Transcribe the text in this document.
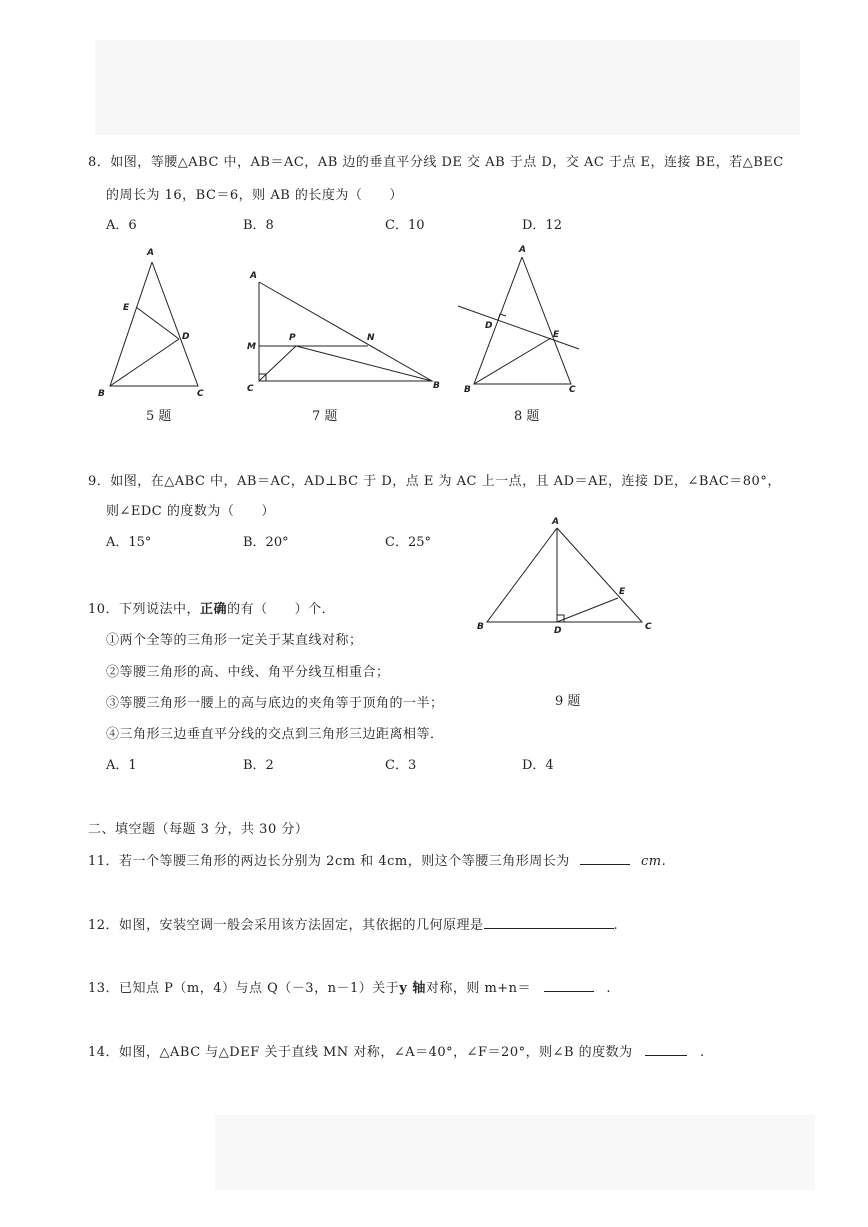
8．如图，等腰△ABC 中，AB＝AC，AB 边的垂直平分线 DE 交 AB 于点 D，交 AC 于点 E，连接 BE，若△BEC
的周长为 16，BC＝6，则 AB 的长度为（　　）
A．6	B．8	C．10	D．12
A
E
D
B	C
5 题
A
M
P	N
C	B
7 题
A
D
E
B	C
8 题
9．如图，在△ABC 中，AB＝AC，AD⊥BC 于 D，点 E 为 AC 上一点，且 AD＝AE，连接 DE，∠BAC＝80°，
则∠EDC 的度数为（　　）
A．15°	B．20°	C．25°
A
E
B	D	C
9 题
10．下列说法中，正确的有（　　）个．
①两个全等的三角形一定关于某直线对称；
②等腰三角形的高、中线、角平分线互相重合；
③等腰三角形一腰上的高与底边的夹角等于顶角的一半；
④三角形三边垂直平分线的交点到三角形三边距离相等．
A．1	B．2	C．3	D．4
二、填空题（每题 3 分，共 30 分）
11．若一个等腰三角形的两边长分别为 2cm 和 4cm，则这个等腰三角形周长为	cm.
12．如图，安装空调一般会采用该方法固定，其依据的几何原理是	.
13．已知点 P（m，4）与点 Q（－3，n－1）关于y 轴对称，则 m+n＝	.
14．如图，△ABC 与△DEF 关于直线 MN 对称，∠A＝40°，∠F＝20°，则∠B 的度数为	.
